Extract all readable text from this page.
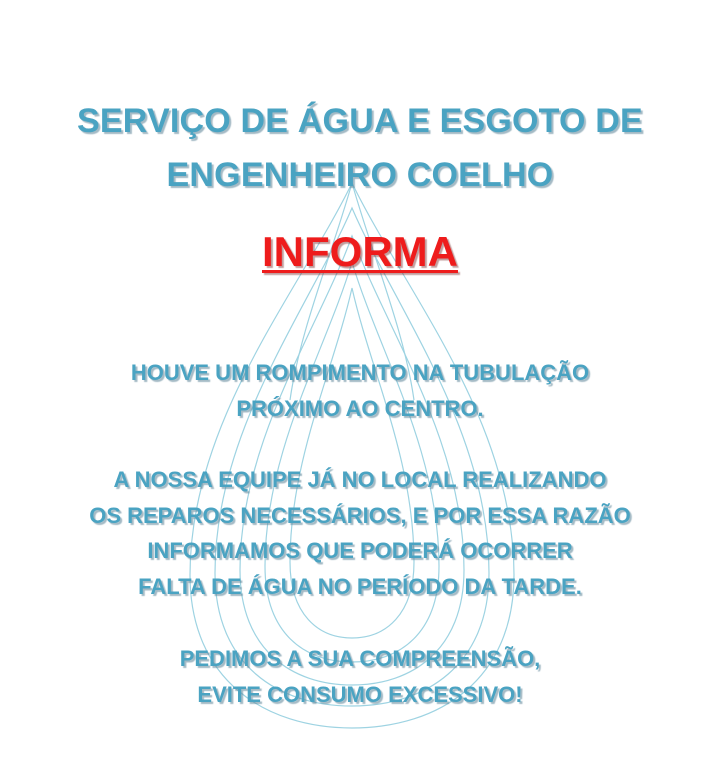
SERVIÇO DE ÁGUA E ESGOTO DE
ENGENHEIRO COELHO
INFORMA
HOUVE UM ROMPIMENTO NA TUBULAÇÃO
PRÓXIMO AO CENTRO.
A NOSSA EQUIPE JÁ NO LOCAL REALIZANDO
OS REPAROS NECESSÁRIOS, E POR ESSA RAZÃO
INFORMAMOS QUE PODERÁ OCORRER
FALTA DE ÁGUA NO PERÍODO DA TARDE.
PEDIMOS A SUA COMPREENSÃO,
EVITE CONSUMO EXCESSIVO!
